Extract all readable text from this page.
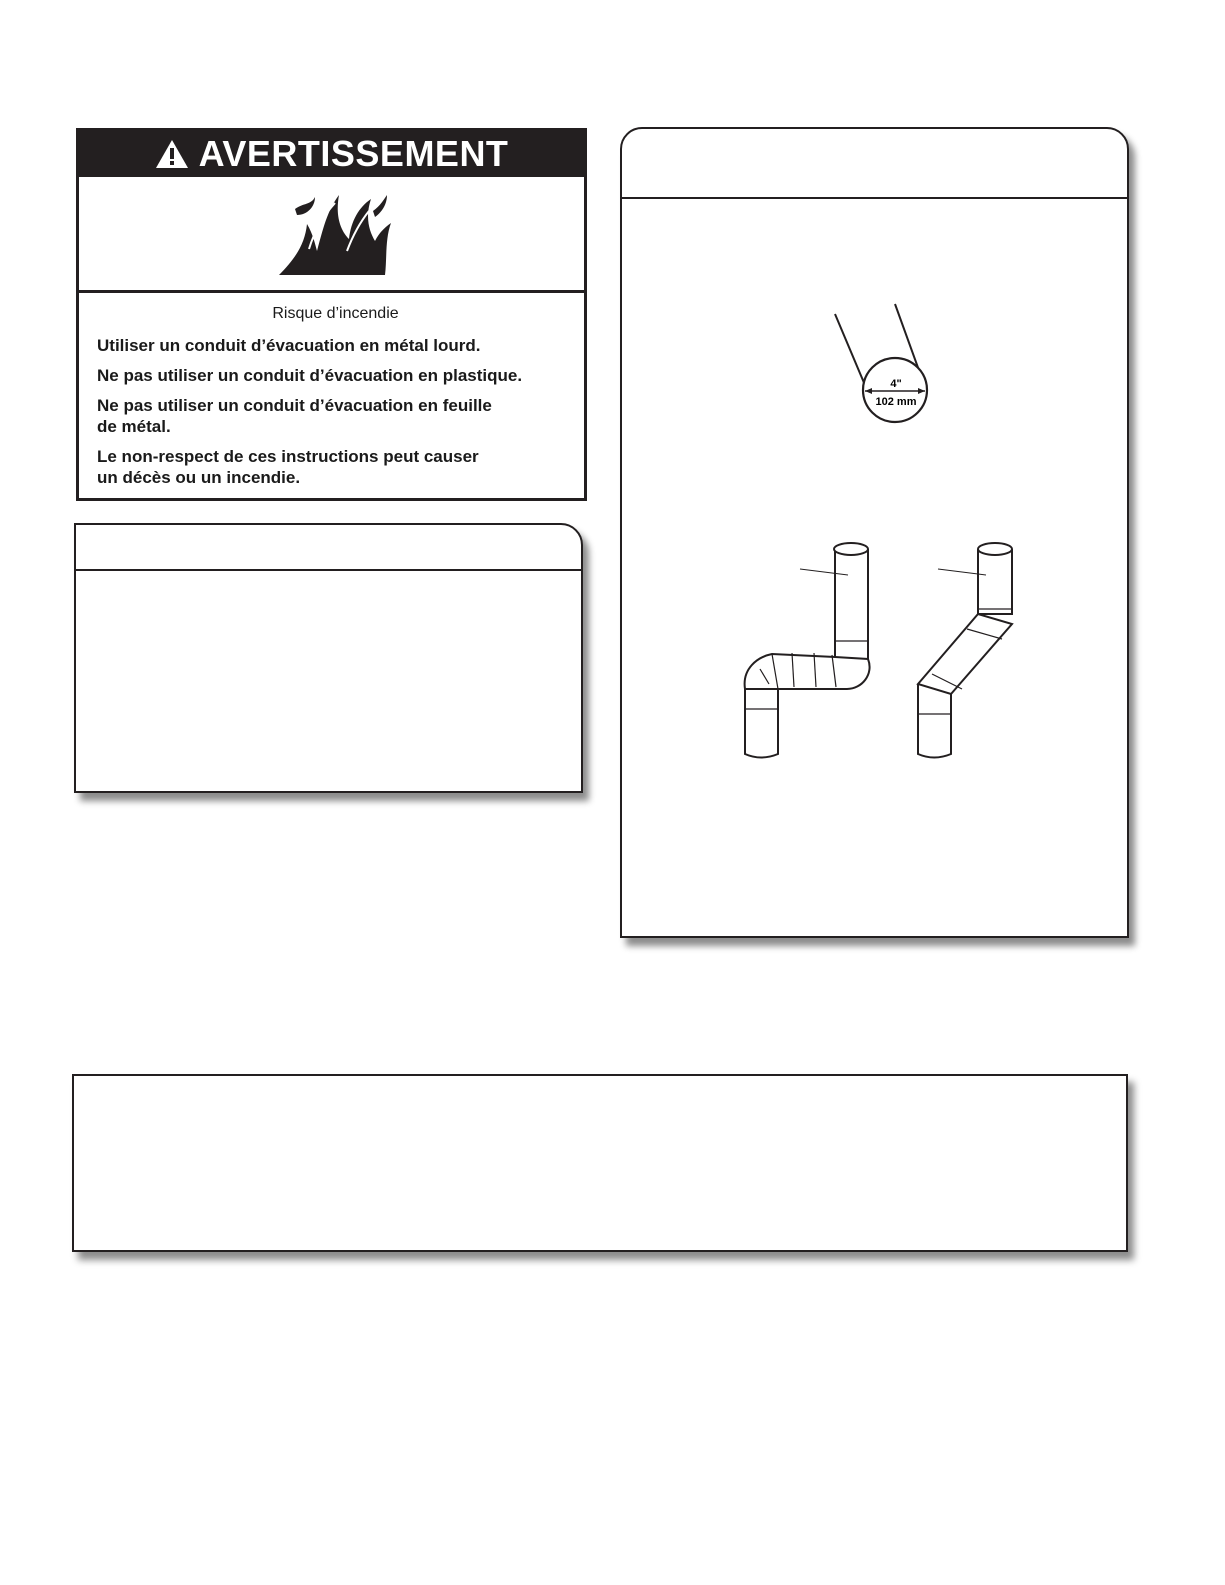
AVERTISSEMENT
Risque d’incendie
Utiliser un conduit d’évacuation en métal lourd.
Ne pas utiliser un conduit d’évacuation en plastique.
Ne pas utiliser un conduit d’évacuation en feuille
de métal.
Le non-respect de ces instructions peut causer
un décès ou un incendie.
4"
102 mm
